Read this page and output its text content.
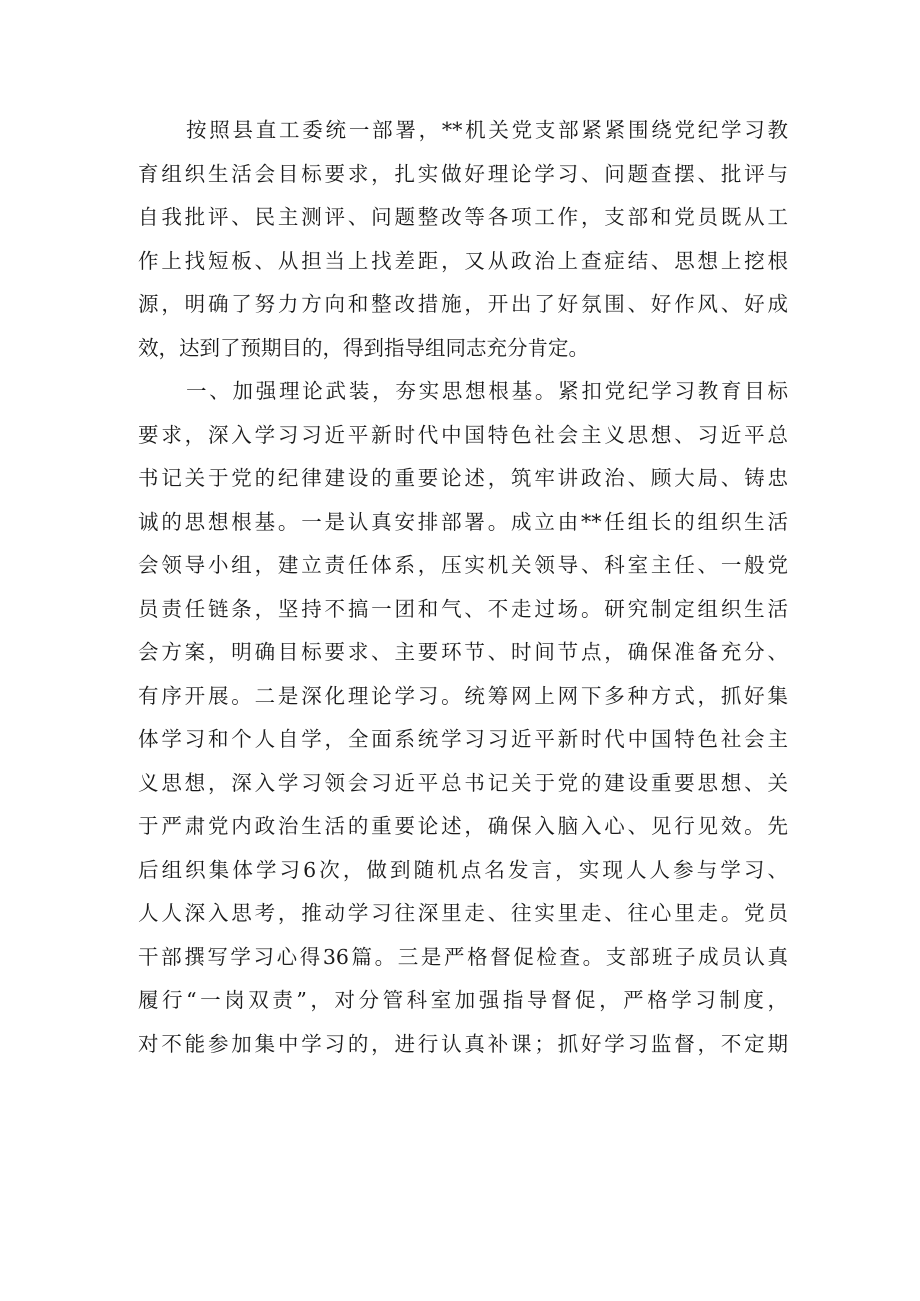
按照县直工委统一部署，**机关党支部紧紧围绕党纪学习教
育组织生活会目标要求，扎实做好理论学习、问题查摆、批评与
自我批评、民主测评、问题整改等各项工作，支部和党员既从工
作上找短板、从担当上找差距，又从政治上查症结、思想上挖根
源，明确了努力方向和整改措施，开出了好氛围、好作风、好成
效，达到了预期目的，得到指导组同志充分肯定。
一、加强理论武装，夯实思想根基。紧扣党纪学习教育目标
要求，深入学习习近平新时代中国特色社会主义思想、习近平总
书记关于党的纪律建设的重要论述，筑牢讲政治、顾大局、铸忠
诚的思想根基。一是认真安排部署。成立由**任组长的组织生活
会领导小组，建立责任体系，压实机关领导、科室主任、一般党
员责任链条，坚持不搞一团和气、不走过场。研究制定组织生活
会方案，明确目标要求、主要环节、时间节点，确保准备充分、
有序开展。二是深化理论学习。统筹网上网下多种方式，抓好集
体学习和个人自学，全面系统学习习近平新时代中国特色社会主
义思想，深入学习领会习近平总书记关于党的建设重要思想、关
于严肃党内政治生活的重要论述，确保入脑入心、见行见效。先
后组织集体学习6次，做到随机点名发言，实现人人参与学习、
人人深入思考，推动学习往深里走、往实里走、往心里走。党员
干部撰写学习心得36篇。三是严格督促检查。支部班子成员认真
履行“一岗双责”，对分管科室加强指导督促，严格学习制度，
对不能参加集中学习的，进行认真补课；抓好学习监督，不定期
